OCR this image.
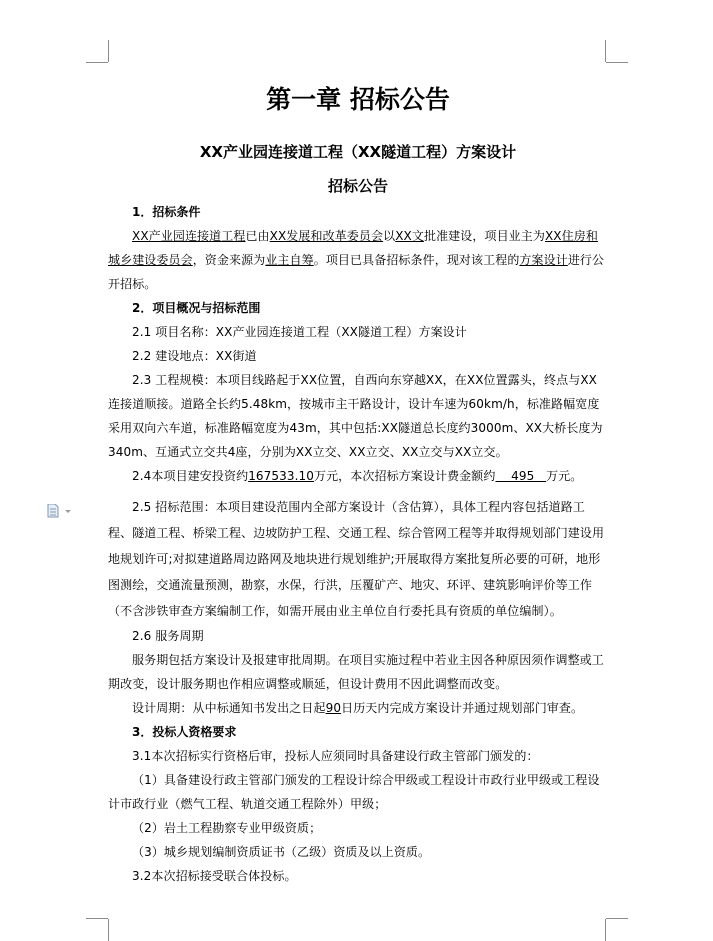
第一章 招标公告
XX产业园连接道工程（XX隧道工程）方案设计
招标公告
1．招标条件
XX产业园连接道工程已由XX发展和改革委员会以XX文批准建设，项目业主为XX住房和城乡建设委员会，资金来源为业主自筹。项目已具备招标条件，现对该工程的方案设计进行公开招标。
2．项目概况与招标范围
2.1 项目名称：XX产业园连接道工程（XX隧道工程）方案设计
2.2 建设地点：XX街道
2.3 工程规模：本项目线路起于XX位置，自西向东穿越XX，在XX位置露头，终点与XX连接道顺接。道路全长约5.48km，按城市主干路设计，设计车速为60km/h，标准路幅宽度采用双向六车道，标准路幅宽度为43m，其中包括:XX隧道总长度约3000m、XX大桥长度为340m、互通式立交共4座，分别为XX立交、XX立交、XX立交与XX立交。
2.4本项目建安投资约167533.10万元，本次招标方案设计费金额约    495   万元。
2.5 招标范围：本项目建设范围内全部方案设计（含估算），具体工程内容包括道路工程、隧道工程、桥梁工程、边坡防护工程、交通工程、综合管网工程等并取得规划部门建设用地规划许可;对拟建道路周边路网及地块进行规划维护;开展取得方案批复所必要的可研，地形图测绘，交通流量预测，勘察，水保，行洪，压覆矿产、地灾、环评、建筑影响评价等工作（不含涉铁审查方案编制工作，如需开展由业主单位自行委托具有资质的单位编制）。
2.6 服务周期
服务期包括方案设计及报建审批周期。在项目实施过程中若业主因各种原因须作调整或工期改变，设计服务期也作相应调整或顺延，但设计费用不因此调整而改变。
设计周期：从中标通知书发出之日起90日历天内完成方案设计并通过规划部门审查。
3．投标人资格要求
3.1本次招标实行资格后审，投标人应须同时具备建设行政主管部门颁发的：
（1）具备建设行政主管部门颁发的工程设计综合甲级或工程设计市政行业甲级或工程设计市政行业（燃气工程、轨道交通工程除外）甲级；
（2）岩土工程勘察专业甲级资质；
（3）城乡规划编制资质证书（乙级）资质及以上资质。
3.2本次招标接受联合体投标。
